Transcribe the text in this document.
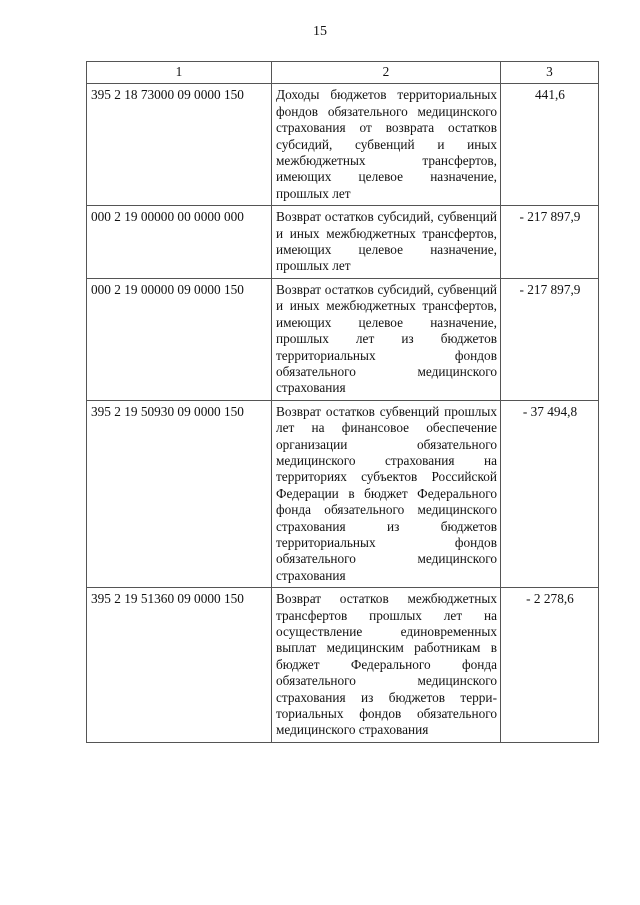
15
1	2	3
395 2 18 73000 09 0000 150	Доходы бюджетов территориальных фондов обязательного медицинского страхования от возврата остатков субсидий, субвенций и иных межбюджетных трансфертов, имеющих целевое назначение, прошлых лет	441,6
000 2 19 00000 00 0000 000	Возврат остатков субсидий, субвенций и иных межбюджетных трансфертов, имеющих целевое назначение, прошлых лет	- 217 897,9
000 2 19 00000 09 0000 150	Возврат остатков субсидий, субвенций и иных межбюджетных трансфертов, имеющих целевое назначение, прошлых лет из бюджетов территориальных фондов обязательного медицинского страхования	- 217 897,9
395 2 19 50930 09 0000 150	Возврат остатков субвенций прошлых лет на финансовое обеспечение организации обязательного медицинского страхования на территориях субъектов Российской Федерации в бюджет Федерального фонда обязательного медицинского страхования из бюджетов территориальных фондов обязательного медицинского страхования	- 37 494,8
395 2 19 51360 09 0000 150	Возврат остатков межбюджетных трансфертов прошлых лет на осуществление единовременных выплат медицинским работникам в бюджет Федерального фонда обязательного медицинского страхования из бюджетов территориальных фондов обязательного медицинского страхования	- 2 278,6
